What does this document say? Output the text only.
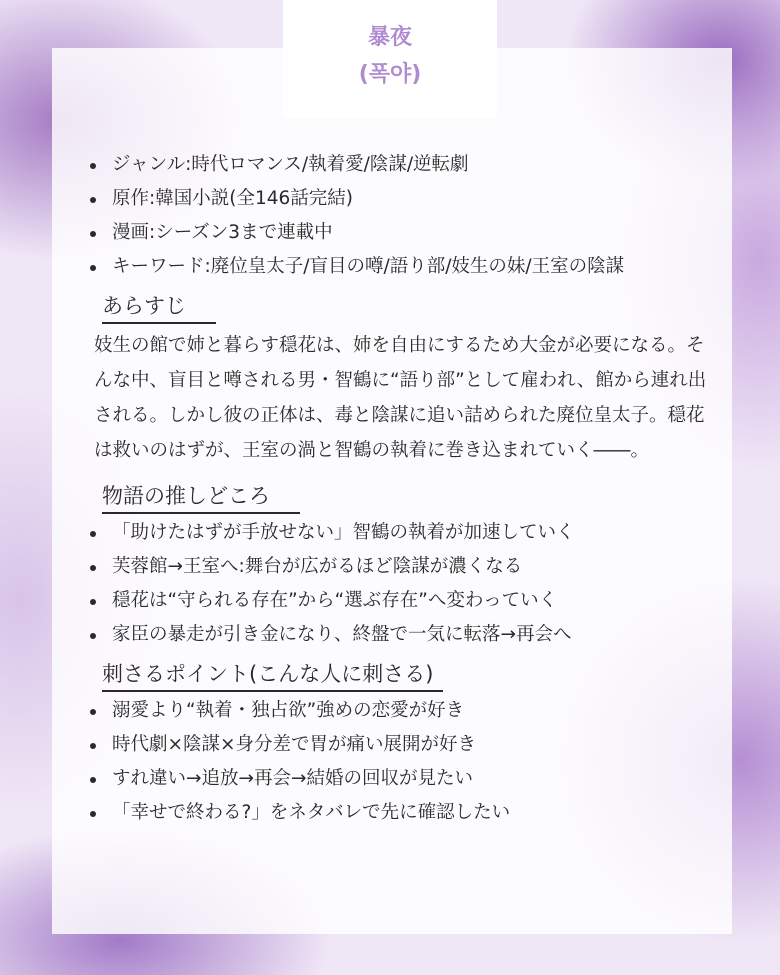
暴夜
(폭야)
ジャンル:時代ロマンス/執着愛/陰謀/逆転劇
原作:韓国小説(全146話完結)
漫画:シーズン3まで連載中
キーワード:廃位皇太子/盲目の噂/語り部/妓生の妹/王室の陰謀
あらすじ
妓生の館で姉と暮らす穏花は、姉を自由にするため大金が必要になる。そんな中、盲目と噂される男・智鶴に“語り部”として雇われ、館から連れ出される。しかし彼の正体は、毒と陰謀に追い詰められた廃位皇太子。穏花は救いのはずが、王室の渦と智鶴の執着に巻き込まれていく――。
物語の推しどころ
「助けたはずが手放せない」智鶴の執着が加速していく
芙蓉館→王室へ:舞台が広がるほど陰謀が濃くなる
穏花は“守られる存在”から“選ぶ存在”へ変わっていく
家臣の暴走が引き金になり、終盤で一気に転落→再会へ
刺さるポイント(こんな人に刺さる)
溺愛より“執着・独占欲”強めの恋愛が好き
時代劇×陰謀×身分差で胃が痛い展開が好き
すれ違い→追放→再会→結婚の回収が見たい
「幸せで終わる?」をネタバレで先に確認したい
